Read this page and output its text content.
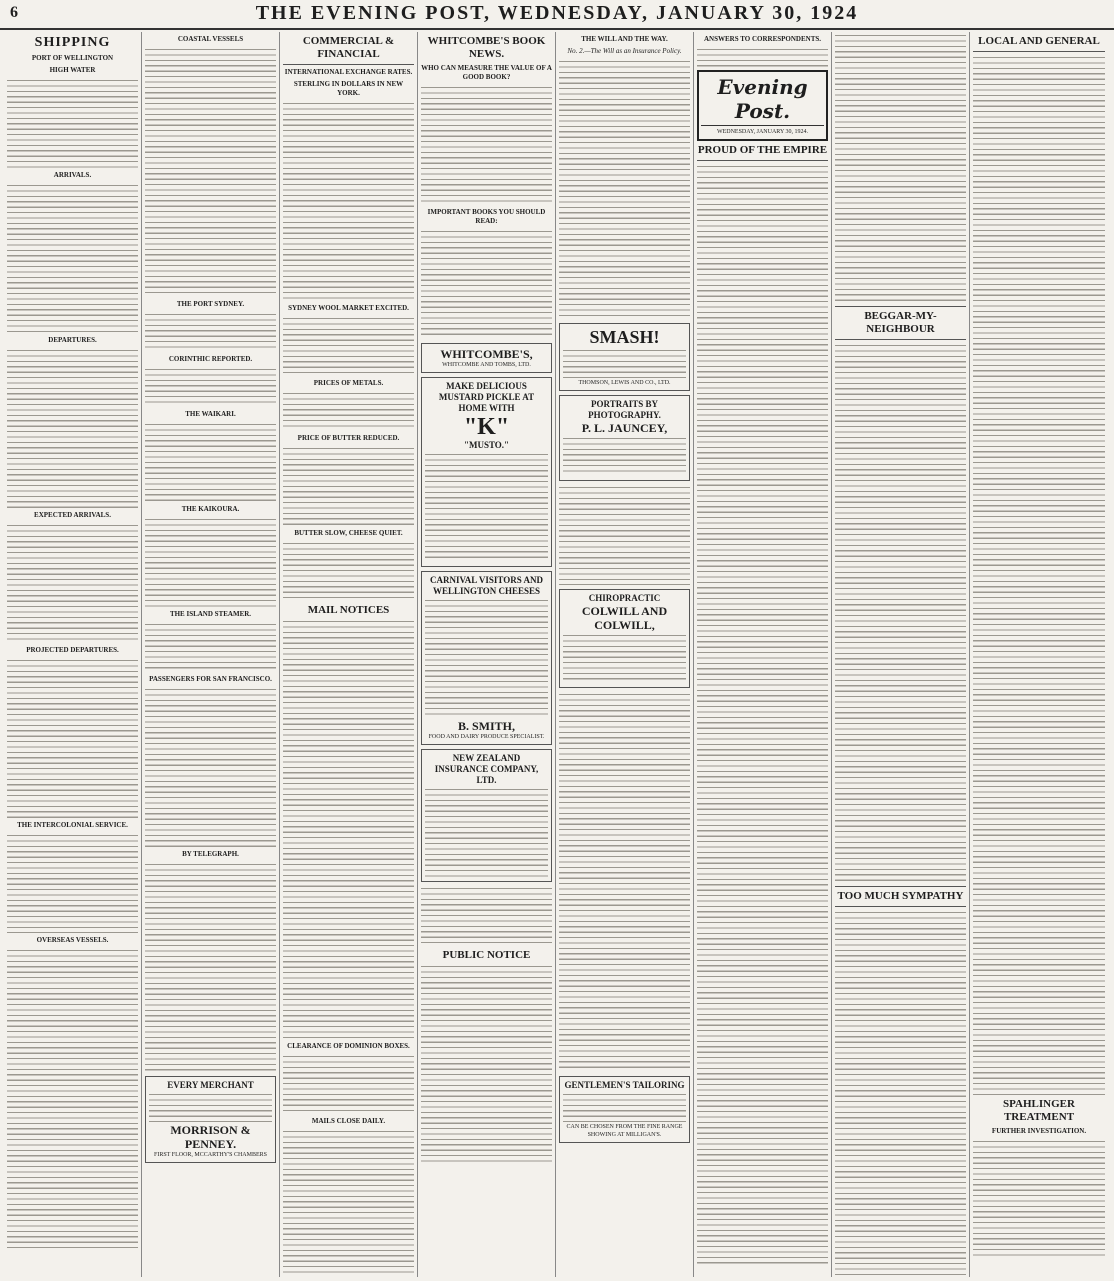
6	THE EVENING POST, WEDNESDAY, JANUARY 30, 1924
SHIPPING
PORT OF WELLINGTON
HIGH WATER
ARRIVALS.
DEPARTURES.
EXPECTED ARRIVALS.
PROJECTED DEPARTURES.
THE INTERCOLONIAL SERVICE.
OVERSEAS VESSELS.
COASTAL VESSELS
THE PORT SYDNEY.
CORINTHIC REPORTED.
THE WAIKARI.
THE KAIKOURA.
THE ISLAND STEAMER.
PASSENGERS FOR SAN FRANCISCO.
BY TELEGRAPH.
EVERY MERCHANT
MORRISON & PENNEY.
FIRST FLOOR, MCCARTHY'S CHAMBERS
COMMERCIAL & FINANCIAL
INTERNATIONAL EXCHANGE RATES.
STERLING IN DOLLARS IN NEW YORK.
SYDNEY WOOL MARKET EXCITED.
PRICES OF METALS.
PRICE OF BUTTER REDUCED.
BUTTER SLOW, CHEESE QUIET.
MAIL NOTICES
CLEARANCE OF DOMINION BOXES.
MAILS CLOSE DAILY.
WHITCOMBE'S BOOK NEWS.
WHO CAN MEASURE THE VALUE OF A GOOD BOOK?
IMPORTANT BOOKS YOU SHOULD READ:
WHITCOMBE'S,
WHITCOMBE AND TOMBS, LTD.
MAKE DELICIOUS MUSTARD PICKLE AT HOME WITH
"K"
"MUSTO."
CARNIVAL VISITORS AND WELLINGTON CHEESES
B. SMITH,
FOOD AND DAIRY PRODUCE SPECIALIST.
NEW ZEALAND INSURANCE COMPANY, LTD.
PUBLIC NOTICE
THE WILL AND THE WAY.
No. 2.—The Will as an Insurance Policy.
SMASH!
THOMSON, LEWIS AND CO., LTD.
PORTRAITS BY PHOTOGRAPHY.
P. L. JAUNCEY,
CHIROPRACTIC
COLWILL AND COLWILL,
GENTLEMEN'S TAILORING
CAN BE CHOSEN FROM THE FINE RANGE SHOWING AT MILLIGAN'S.
ANSWERS TO CORRESPONDENTS.
Evening Post.
WEDNESDAY, JANUARY 30, 1924.
PROUD OF THE EMPIRE
BEGGAR-MY-NEIGHBOUR
TOO MUCH SYMPATHY
LOCAL AND GENERAL
SPAHLINGER TREATMENT
FURTHER INVESTIGATION.
